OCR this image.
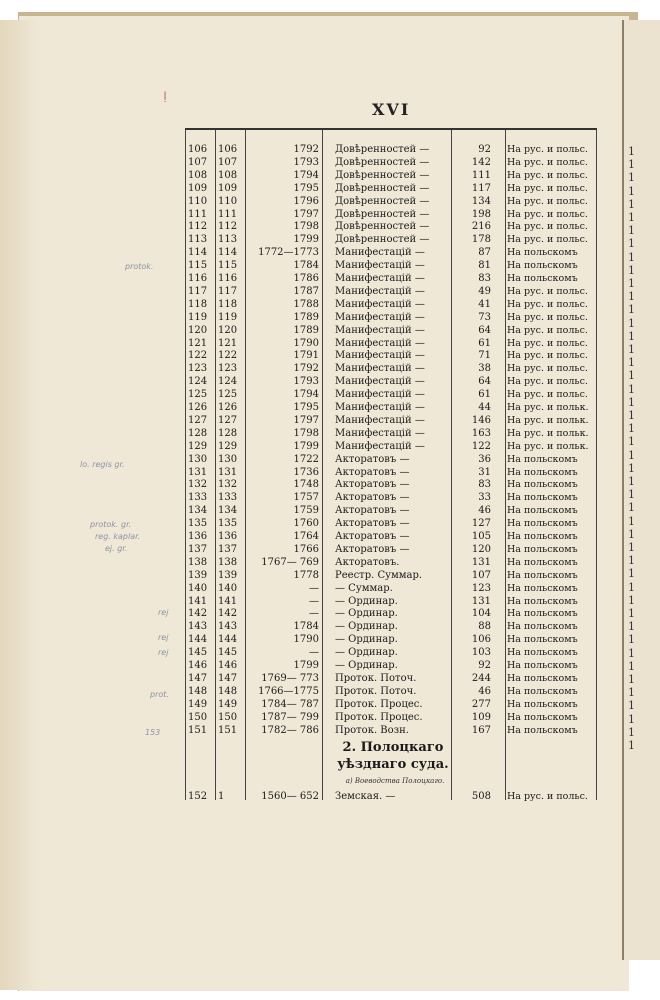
XVI
ǃ
106	106	1792 Довѣренностей —	92 На рус. и польс.
107	107	1793 Довѣренностей —	142 На рус. и польс.
108	108	1794 Довѣренностей —	111 На рус. и польс.
109	109	1795 Довѣренностей —	117 На рус. и польс.
110	110	1796 Довѣренностей —	134 На рус. и польс.
111	111	1797 Довѣренностей —	198 На рус. и польс.
112	112	1798 Довѣренностей —	216 На рус. и польс.
113	113	1799 Довѣренностей —	178 На рус. и польс.
114	114	1772—1773 Манифестацій —	87 На польскомъ
115	115	1784 Манифестацій —	81 На польскомъ
116	116	1786 Манифестацій —	83 На польскомъ
117	117	1787 Манифестацій —	49 На рус. и польс.
118	118	1788 Манифестацій —	41 На рус. и польс.
119	119	1789 Манифестацій —	73 На рус. и польс.
120	120	1789 Манифестацій —	64 На рус. и польс.
121	121	1790 Манифестацій —	61 На рус. и польс.
122	122	1791 Манифестацій —	71 На рус. и польс.
123	123	1792 Манифестацій —	38 На рус. и польс.
124	124	1793 Манифестацій —	64 На рус. и польс.
125	125	1794 Манифестацій —	61 На рус. и польс.
126	126	1795 Манифестацій —	44 На рус. и польк.
127	127	1797 Манифестацій —	146 На рус. и польк.
128	128	1798 Манифестацій —	163 На рус. и польк.
129	129	1799 Манифестацій —	122 На рус. и польк.
130	130	1722 Акторатовъ —	36 На польскомъ
131	131	1736 Акторатовъ —	31 На польскомъ
132	132	1748 Акторатовъ —	83 На польскомъ
133	133	1757 Акторатовъ —	33 На польскомъ
134	134	1759 Акторатовъ —	46 На польскомъ
135	135	1760 Акторатовъ —	127 На польскомъ
136	136	1764 Акторатовъ —	105 На польскомъ
137	137	1766 Акторатовъ —	120 На польскомъ
138	138	1767— 769 Акторатовъ.	131 На польскомъ
139	139	1778 Реестр. Суммар.	107 На польскомъ
140	140	— — Суммар.	123 На польскомъ
141	141	— — Ординар.	131 На польскомъ
142	142	— — Ординар.	104 На польскомъ
143	143	1784 — Ординар.	88 На польскомъ
144	144	1790 — Ординар.	106 На польскомъ
145	145	— — Ординар.	103 На польскомъ
146	146	1799 — Ординар.	92 На польскомъ
147	147	1769— 773 Проток. Поточ.	244 На польскомъ
148	148	1766—1775 Проток. Поточ.	46 На польскомъ
149	149	1784— 787 Проток. Процес.	277 На польскомъ
150	150	1787— 799 Проток. Процес.	109 На польскомъ
151	151	1782— 786 Проток. Возн.	167 На польскомъ
152	1	1560— 652 Земская. —	508 На рус. и польс.
2. Полоцкаго
уѣзднаго суда.
а) Воеводства Полоцкаго.
protok.
lo. regis gr.
protok. gr.
reg. kaplar.
ej. gr.
rej
rej
rej
prot.
153
1
1
1
1
1
1
1
1
1
1
1
1
1
1
1
1
1
1
1
1
1
1
1
1
1
1
1
1
1
1
1
1
1
1
1
1
1
1
1
1
1
1
1
1
1
1
